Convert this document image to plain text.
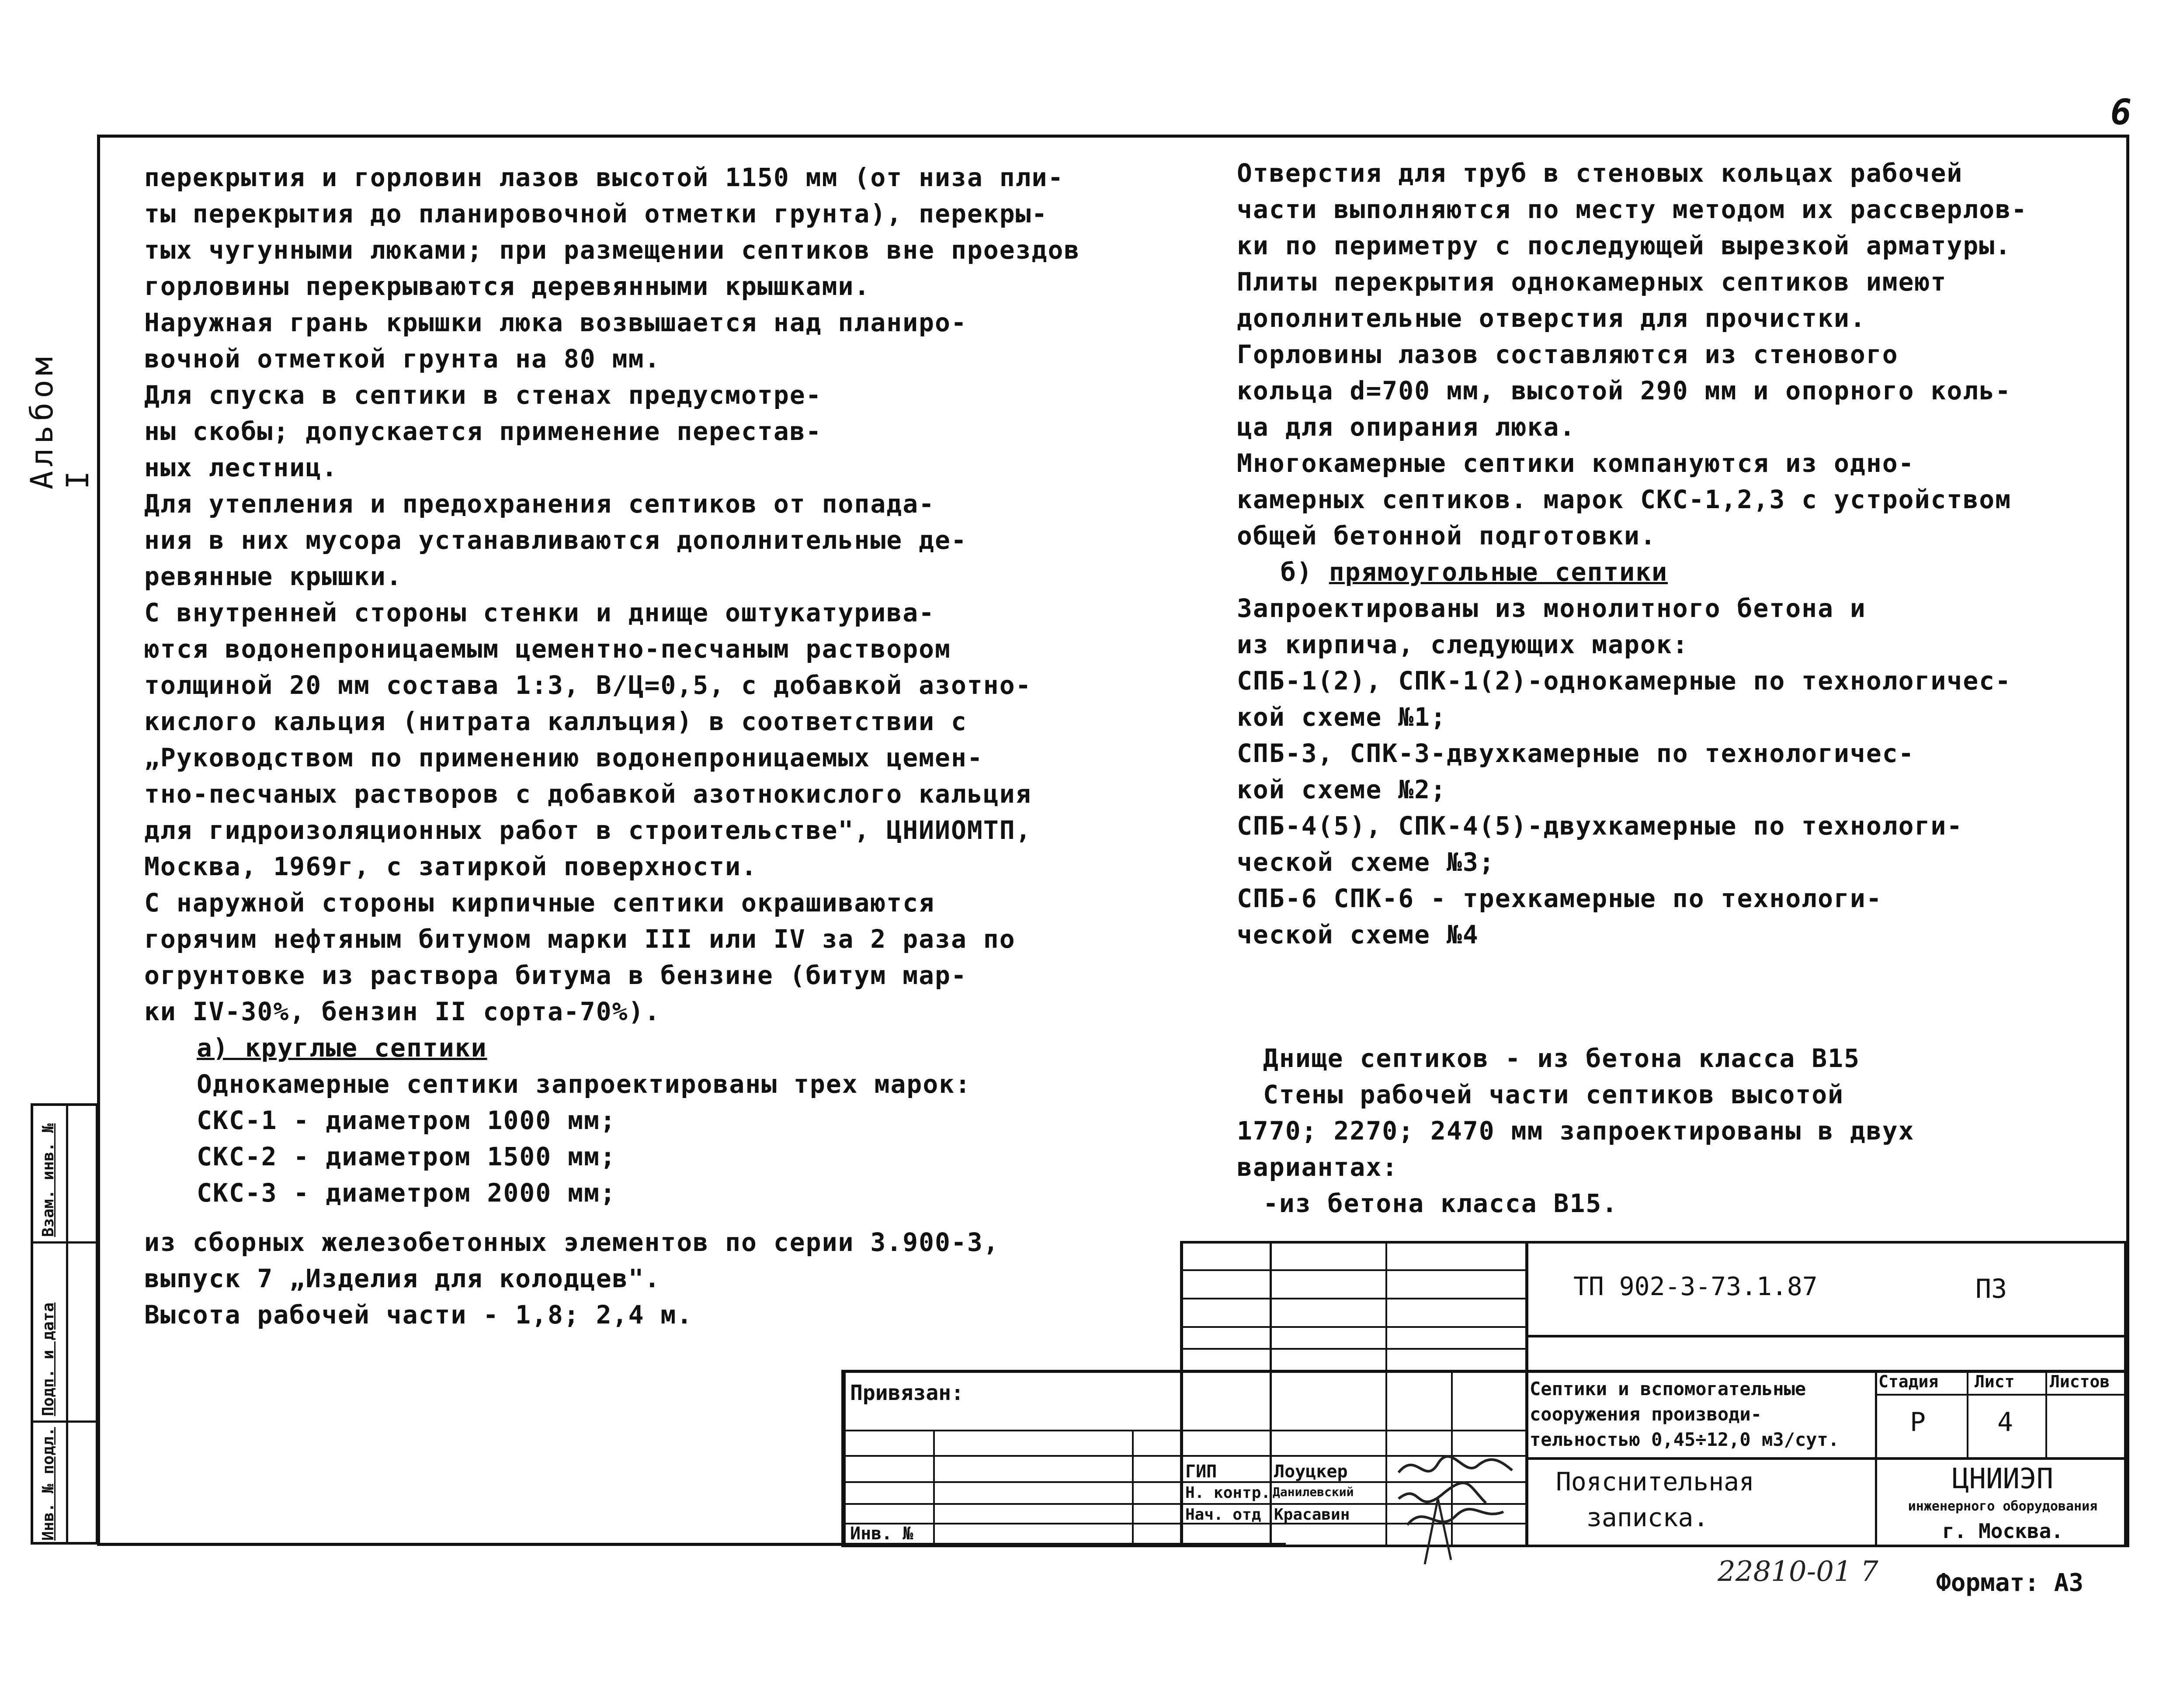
6
Альбом I

перекрытия и горловин лазов высотой 1150 мм (от низа пли-

ты перекрытия до планировочной отметки грунта), перекры-

тых чугунными люками; при размещении септиков вне проездов

горловины перекрываются деревянными крышками.

Наружная грань крышки люка возвышается над планиро-

вочной отметкой грунта на 80 мм.

Для спуска в септики в стенах предусмотре-

ны скобы; допускается применение перестав-

ных лестниц.

Для утепления и предохранения септиков от попада-

ния в них мусора устанавливаются дополнительные де-

ревянные крышки.

С внутренней стороны стенки и днище оштукатурива-

ются водонепроницаемым цементно-песчаным раствором

толщиной 20 мм состава 1:3, В/Ц=0,5, с добавкой азотно-

кислого кальция (нитрата каллъция) в соответствии с

„Руководством по применению водонепроницаемых цемен-

тно-песчаных растворов с добавкой азотнокислого кальция

для гидроизоляционных работ в строительстве", ЦНИИОМТП,

Москва, 1969г, с затиркой поверхности.

С наружной стороны кирпичные септики окрашиваются

горячим нефтяным битумом марки III или IV за 2 раза по

огрунтовке из раствора битума в бензине (битум мар-

ки IV-30%, бензин II сорта-70%).

а) круглые септики

Однокамерные септики запроектированы трех марок:

СКС-1 - диаметром 1000 мм;

СКС-2 - диаметром 1500 мм;

СКС-3 - диаметром 2000 мм;

из сборных железобетонных элементов по серии 3.900-3,

выпуск 7 „Изделия для колодцев".

Высота рабочей части - 1,8; 2,4 м.

Отверстия для труб в стеновых кольцах рабочей

части выполняются по месту методом их рассверлов-

ки по периметру с последующей вырезкой арматуры.

Плиты перекрытия однокамерных септиков имеют

дополнительные отверстия для прочистки.

Горловины лазов составляются из стенового

кольца d=700 мм, высотой 290 мм и опорного коль-

ца для опирания люка.

Многокамерные септики компануются из одно-

камерных септиков. марок СКС-1,2,3 с устройством

общей бетонной подготовки.

б) прямоугольные септики

Запроектированы из монолитного бетона и

из кирпича, следующих марок:

СПБ-1(2), СПК-1(2)-однокамерные по технологичес-

кой схеме №1;

СПБ-3, СПК-3-двухкамерные по технологичес-

кой схеме №2;

СПБ-4(5), СПК-4(5)-двухкамерные по технологи-

ческой схеме №3;

СПБ-6 СПК-6 - трехкамерные по технологи-

ческой схеме №4

Днище септиков - из бетона класса В15

Стены рабочей части септиков высотой

1770; 2270; 2470 мм запроектированы в двух

вариантах:

-из бетона класса В15.

Инв. № подл.
Подп. и дата
Взам. инв. №
Привязан:
Инв. №
ТП 902-3-73.1.87	ПЗ
Септики и вспомогательные
сооружения производи-
тельностью 0,45÷12,0 м3/сут.
Стадия Лист Листов
Р	4
Пояснительная
записка.
ЦНИИЭП
инженерного оборудования
г. Москва.
ГИП
Н. контр.
Нач. отд
Лоуцкер
Данилевский
Красавин
22810-01 7 Формат: А3
